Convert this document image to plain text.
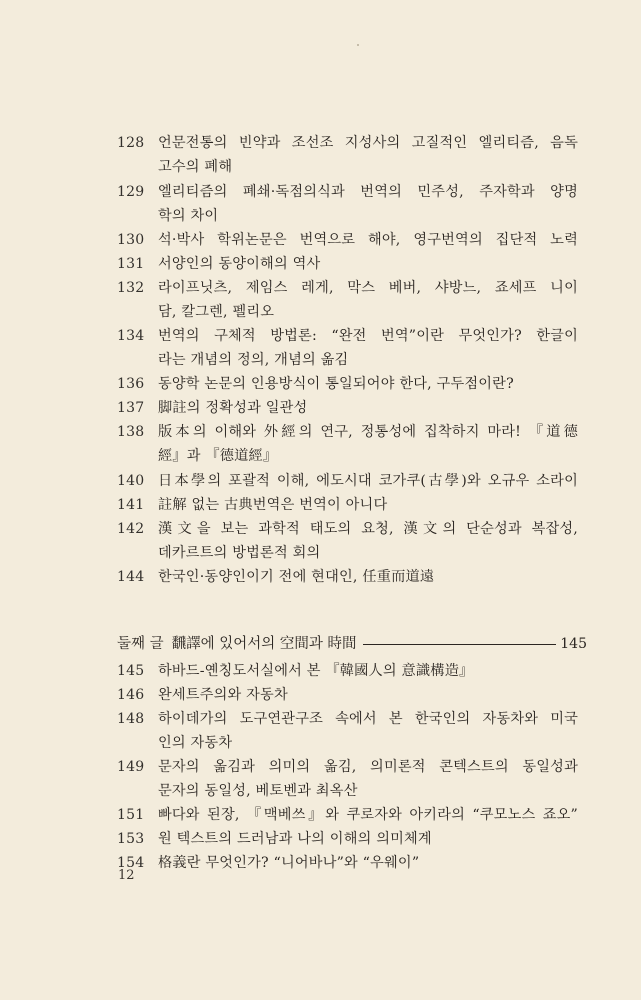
128 언문전통의 빈약과 조선조 지성사의 고질적인 엘리티즘, 음독
고수의 폐해
129 엘리티즘의 폐쇄·독점의식과 번역의 민주성, 주자학과 양명
학의 차이
130 석·박사 학위논문은 번역으로 해야, 영구번역의 집단적 노력
131 서양인의 동양이해의 역사
132 라이프닛츠, 제임스 레게, 막스 베버, 샤방느, 죠세프 니이
담, 칼그렌, 펠리오
134 번역의 구체적 방법론: “완전 번역”이란 무엇인가? 한글이
라는 개념의 정의, 개념의 옮김
136 동양학 논문의 인용방식이 통일되어야 한다, 구두점이란?
137 脚註의 정확성과 일관성
138 版本의 이해와 外經의 연구, 정통성에 집착하지 마라! 『道德
經』과 『德道經』
140 日本學의 포괄적 이해, 에도시대 코가쿠(古學)와 오규우 소라이
141 註解 없는 古典번역은 번역이 아니다
142 漢文을 보는 과학적 태도의 요청, 漢文의 단순성과 복잡성,
데카르트의 방법론적 회의
144 한국인·동양인이기 전에 현대인, 任重而道遠
둘째 글 飜譯에 있어서의 空間과 時間	145
145 하바드-옌칭도서실에서 본 『韓國人의 意識構造』
146 완세트주의와 자동차
148 하이데가의 도구연관구조 속에서 본 한국인의 자동차와 미국
인의 자동차
149 문자의 옮김과 의미의 옮김, 의미론적 콘텍스트의 동일성과
문자의 동일성, 베토벤과 최옥산
151 빠다와 된장, 『맥베쓰』와 쿠로자와 아키라의 “쿠모노스 죠오”
153 원 텍스트의 드러남과 나의 이해의 의미체계
154 格義란 무엇인가? “니어바나”와 “우웨이”
12
